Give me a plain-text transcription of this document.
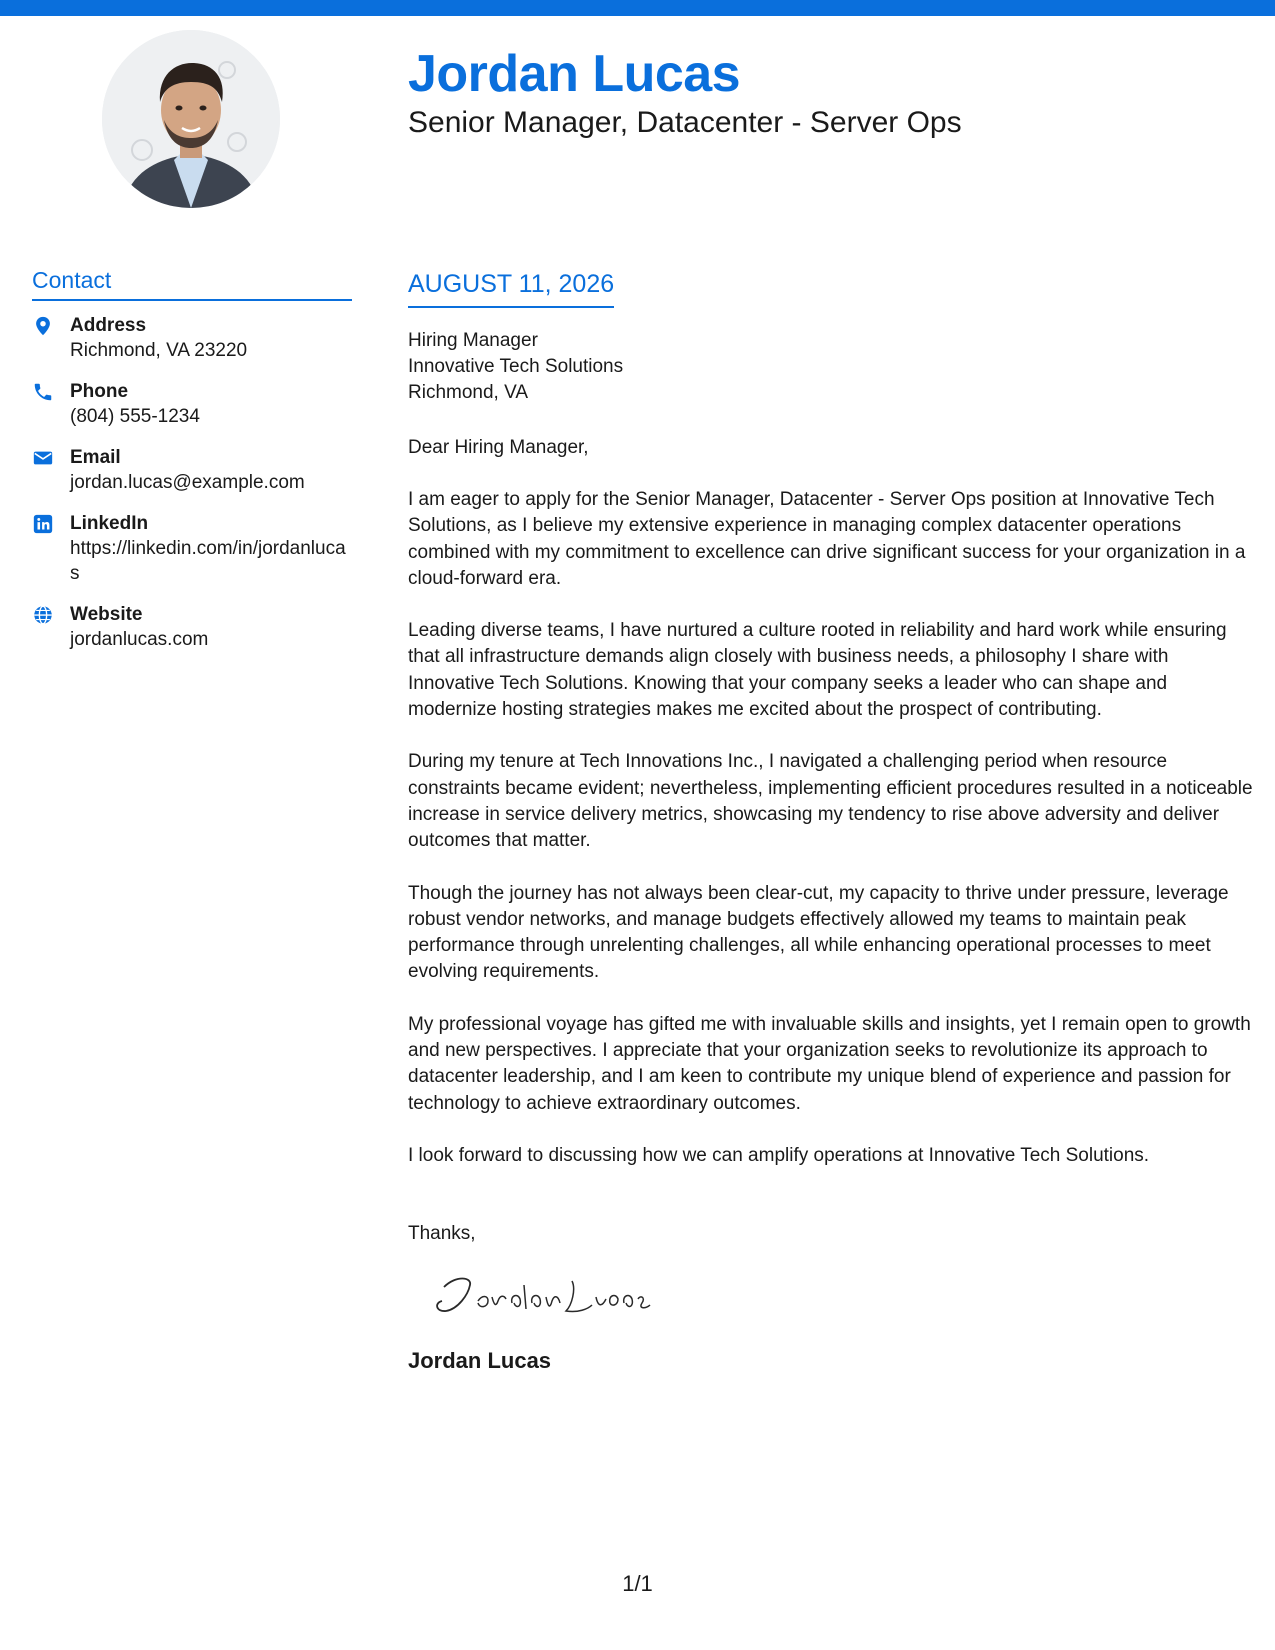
Jordan Lucas
Senior Manager, Datacenter - Server Ops
Contact
Address
Richmond, VA 23220
Phone
(804) 555-1234
Email
jordan.lucas@example.com
LinkedIn
https://linkedin.com/in/jordanlucas
Website
jordanlucas.com
AUGUST 11, 2026

Hiring Manager

Innovative Tech Solutions

Richmond, VA

Dear Hiring Manager,

I am eager to apply for the Senior Manager, Datacenter - Server Ops position at Innovative Tech Solutions, as I believe my extensive experience in managing complex datacenter operations combined with my commitment to excellence can drive significant success for your organization in a cloud-forward era.

Leading diverse teams, I have nurtured a culture rooted in reliability and hard work while ensuring that all infrastructure demands align closely with business needs, a philosophy I share with Innovative Tech Solutions. Knowing that your company seeks a leader who can shape and modernize hosting strategies makes me excited about the prospect of contributing.

During my tenure at Tech Innovations Inc., I navigated a challenging period when resource constraints became evident; nevertheless, implementing efficient procedures resulted in a noticeable increase in service delivery metrics, showcasing my tendency to rise above adversity and deliver outcomes that matter.

Though the journey has not always been clear-cut, my capacity to thrive under pressure, leverage robust vendor networks, and manage budgets effectively allowed my teams to maintain peak performance through unrelenting challenges, all while enhancing operational processes to meet evolving requirements.

My professional voyage has gifted me with invaluable skills and insights, yet I remain open to growth and new perspectives. I appreciate that your organization seeks to revolutionize its approach to datacenter leadership, and I am keen to contribute my unique blend of experience and passion for technology to achieve extraordinary outcomes.

I look forward to discussing how we can amplify operations at Innovative Tech Solutions.

Thanks,

Jordan Lucas

1/1
